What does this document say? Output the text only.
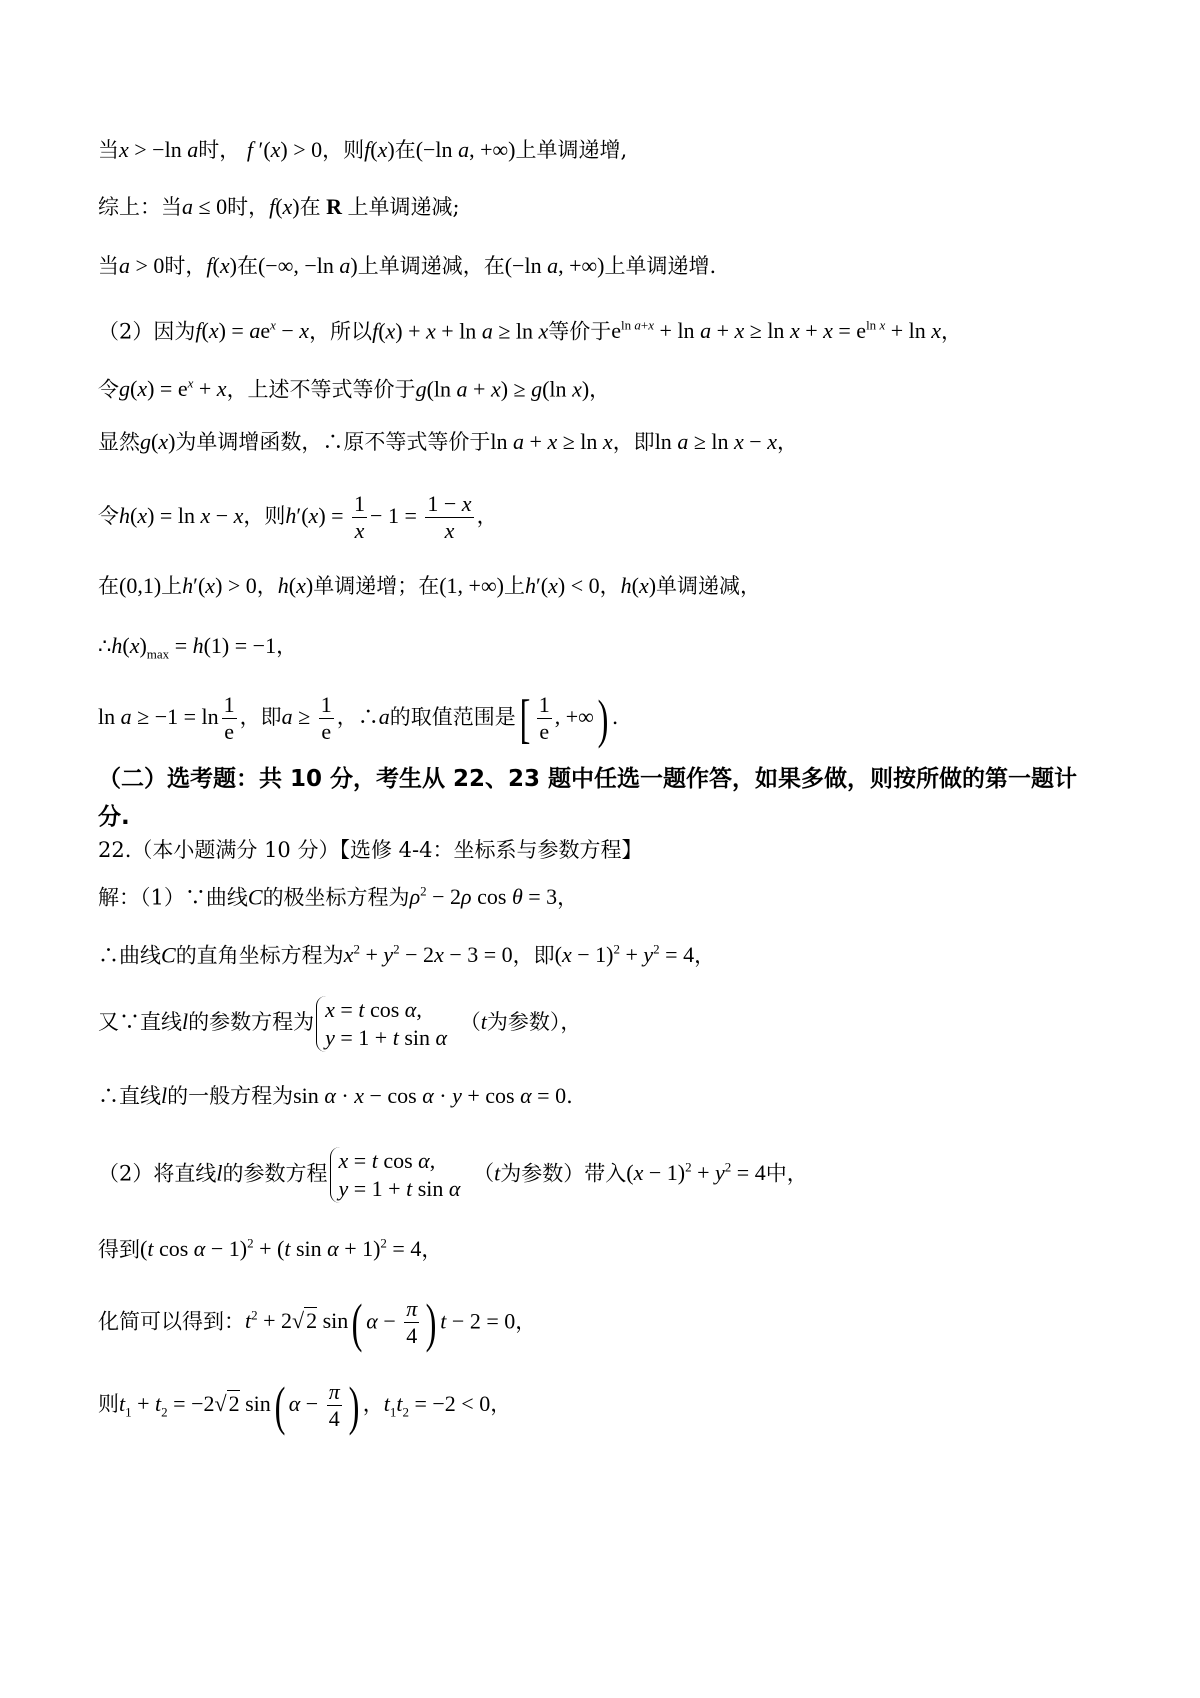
当x > −ln a时， f ′(x) > 0，则f(x)在(−ln a, +∞)上单调递增,
综上：当a ≤ 0时，f(x)在 R 上单调递减;
当a > 0时，f(x)在(−∞, −ln a)上单调递减，在(−ln a, +∞)上单调递增.
（2）因为$f(x) = ae^x - x$，所以f(x) + x + ln a ≥ ln x等价于$e^{ln a+x} + \ln a + x \ge \ln x + x = e^{ln x} + \ln x$，
令$g(x) = e^x + x$，上述不等式等价于g(ln a + x) ≥ g(ln x)，
显然g(x)为单调增函数，∴原不等式等价于ln a + x ≥ ln x，即ln a ≥ ln x − x，
令h(x) = ln x − x，则$h'(x) = \frac{1}{x} - 1 = \frac{1 - x}{x}$ ，
在(0,1)上h′(x) > 0，h(x)单调递增；在(1, +∞)上h′(x) < 0，h(x)单调递减，
$\therefore h(x)_{max} = h(1) = -1$，
$\ln a \ge -1 = \ln \frac{1}{e}$ ，即$a \ge \frac{1}{e}$ ，∴a的取值范围是[ $\frac{1}{e}$ , +∞) .
（二）选考题：共 10 分，考生从 22、23 题中任选一题作答，如果多做，则按所做的第一题计
分.
22.（本小题满分 10 分）【选修 4-4：坐标系与参数方程】
解：（1）∵曲线C的极坐标方程为$\rho^2 - 2\rho$ cos θ = 3，
∴曲线C的直角坐标方程为$x^2 + y^2 - 2x - 3 = 0$，即$(x - 1)^2 + y^2 = 4$，
又∵直线l的参数方程为
x = t cos α,
y = 1 + t sin α
（t为参数），
∴直线l的一般方程为sin α · x − cos α · y + cos α = 0.
（2）将直线l的参数方程
x = t cos α,
y = 1 + t sin α
（t为参数）带入$(x - 1)^2 + y^2 = 4$中，
得到(t cos α − 1)$^2$ + (t sin α + 1)$^2$ = 4，
化简可以得到：$t^2 + 2√2$ sin( $\alpha - \frac{\pi}{4}$ ) t − 2 = 0，
则$t_1 + t_2 = -2√2$ sin( $\alpha - \frac{\pi}{4}$ ) ，$t_1t_2 = -2 < 0$，
